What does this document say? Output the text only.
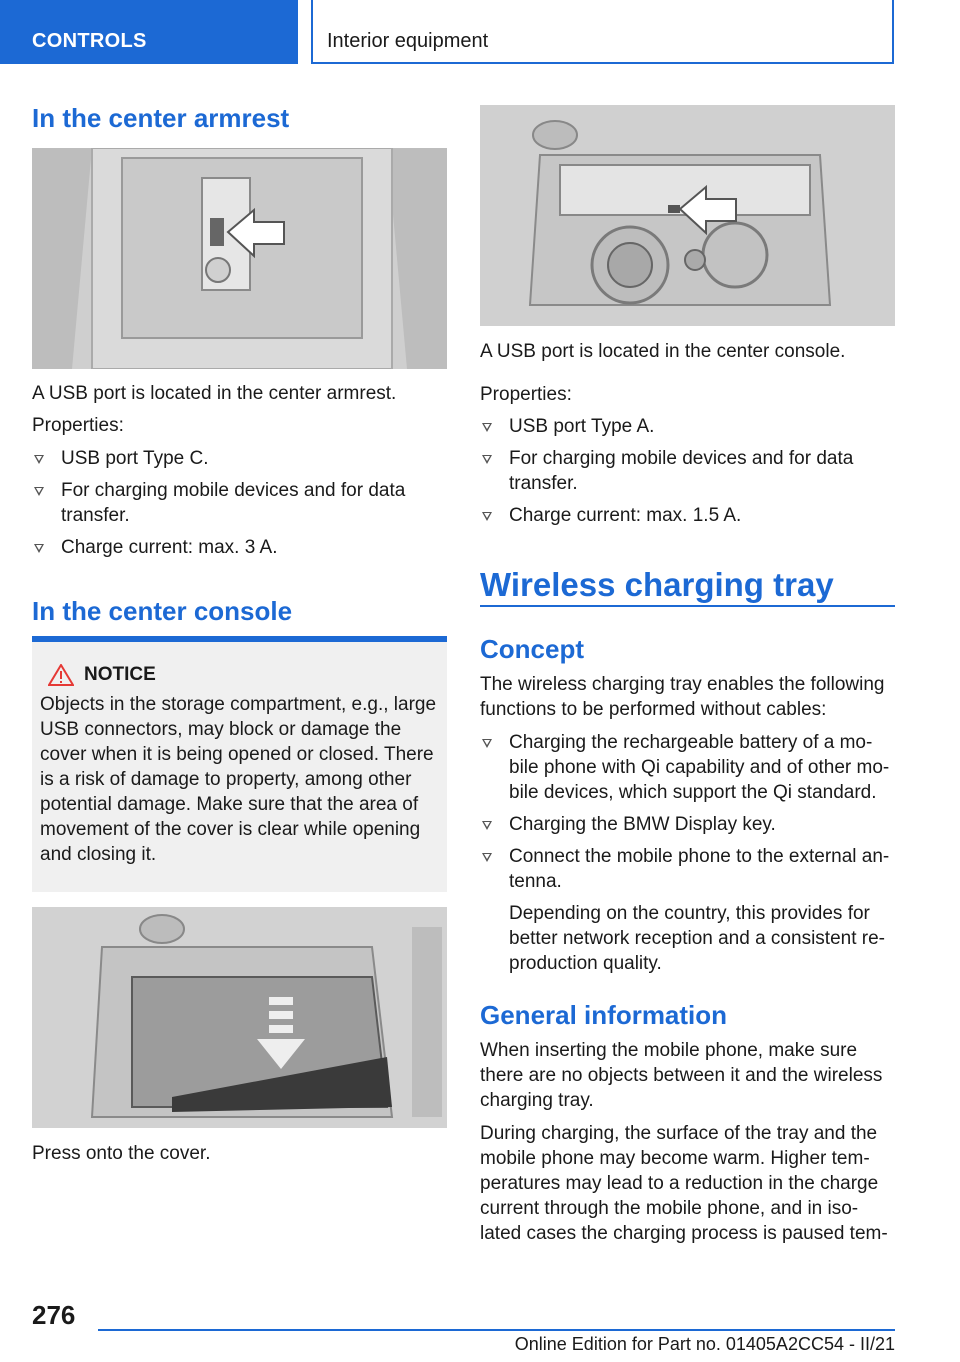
CONTROLS	Interior equipment
In the center armrest

A USB port is located in the center armrest.

Properties:

USB port Type C.
For charging mobile devices and for data transfer.
Charge current: max. 3 A.
In the center console
NOTICE

Objects in the storage compartment, e.g., large USB connectors, may block or damage the cover when it is being opened or closed. There is a risk of damage to property, among other potential damage. Make sure that the area of movement of the cover is clear while opening and closing it.

Press onto the cover.

A USB port is located in the center console.

Properties:

USB port Type A.
For charging mobile devices and for data transfer.
Charge current: max. 1.5 A.
Wireless charging tray
Concept

The wireless charging tray enables the following functions to be performed without cables:

Charging the rechargeable battery of a mo‐bile phone with Qi capability and of other mo‐bile devices, which support the Qi standard.
Charging the BMW Display key.
Connect the mobile phone to the external an‐tenna.
Depending on the country, this provides for better network reception and a consistent re‐production quality.
General information

When inserting the mobile phone, make sure there are no objects between it and the wireless charging tray.

During charging, the surface of the tray and the mobile phone may become warm. Higher tem‐peratures may lead to a reduction in the charge current through the mobile phone, and in iso‐lated cases the charging process is paused tem‐

276
Online Edition for Part no. 01405A2CC54 - II/21
